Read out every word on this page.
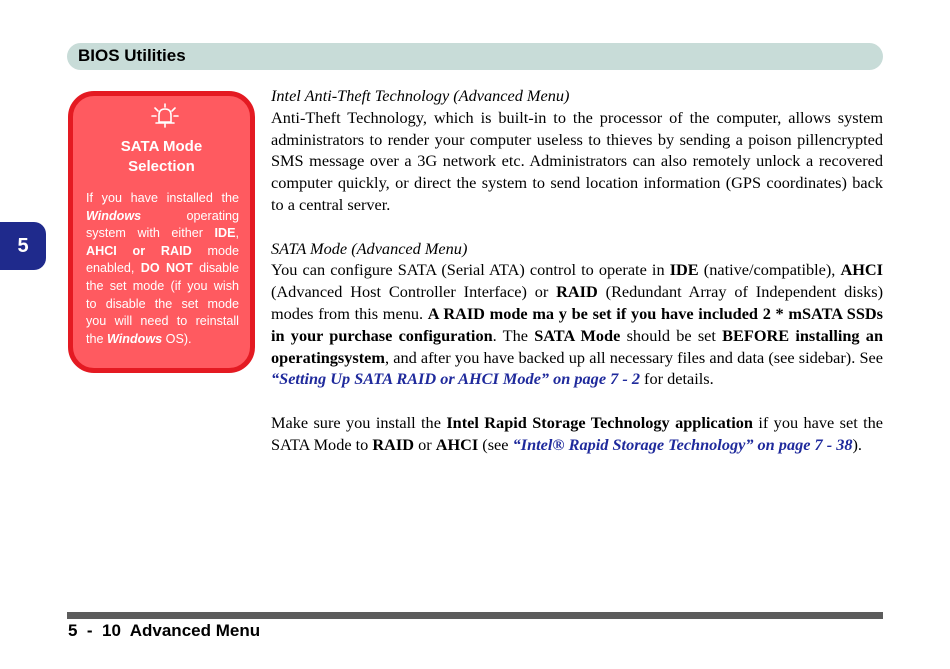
BIOS Utilities
5
SATA Mode
Selection
If you have installed the Windows operating system with either IDE, AHCI or RAID mode enabled, DO NOT disable the set mode (if you wish to disable the set mode you will need to reinstall the Windows OS).

Intel Anti-Theft Technology (Advanced Menu)

Anti-Theft Technology, which is built-in to the processor of the computer, allows system administrators to render your computer useless to thieves by sending a poison pillencrypted SMS message over a 3G network etc. Administrators can also remotely unlock a recovered computer quickly, or direct the system to send location information (GPS coordinates) back to a central server.

SATA Mode (Advanced Menu)

You can configure SATA (Serial ATA) control to operate in IDE (native/compatible), AHCI (Advanced Host Controller Interface) or RAID (Redundant Array of Independent disks) modes from this menu. A RAID mode ma y be set if you have included 2 * mSATA SSDs in your purchase configuration. The SATA Mode should be set BEFORE installing an operatingsystem, and after you have backed up all necessary files and data (see sidebar). See “Setting Up SATA RAID or AHCI Mode” on page 7 - 2 for details.

Make sure you install the Intel Rapid Storage Technology application if you have set the SATA Mode to RAID or AHCI (see “Intel® Rapid Storage Technology” on page 7 - 38).

5  -  10  Advanced Menu
